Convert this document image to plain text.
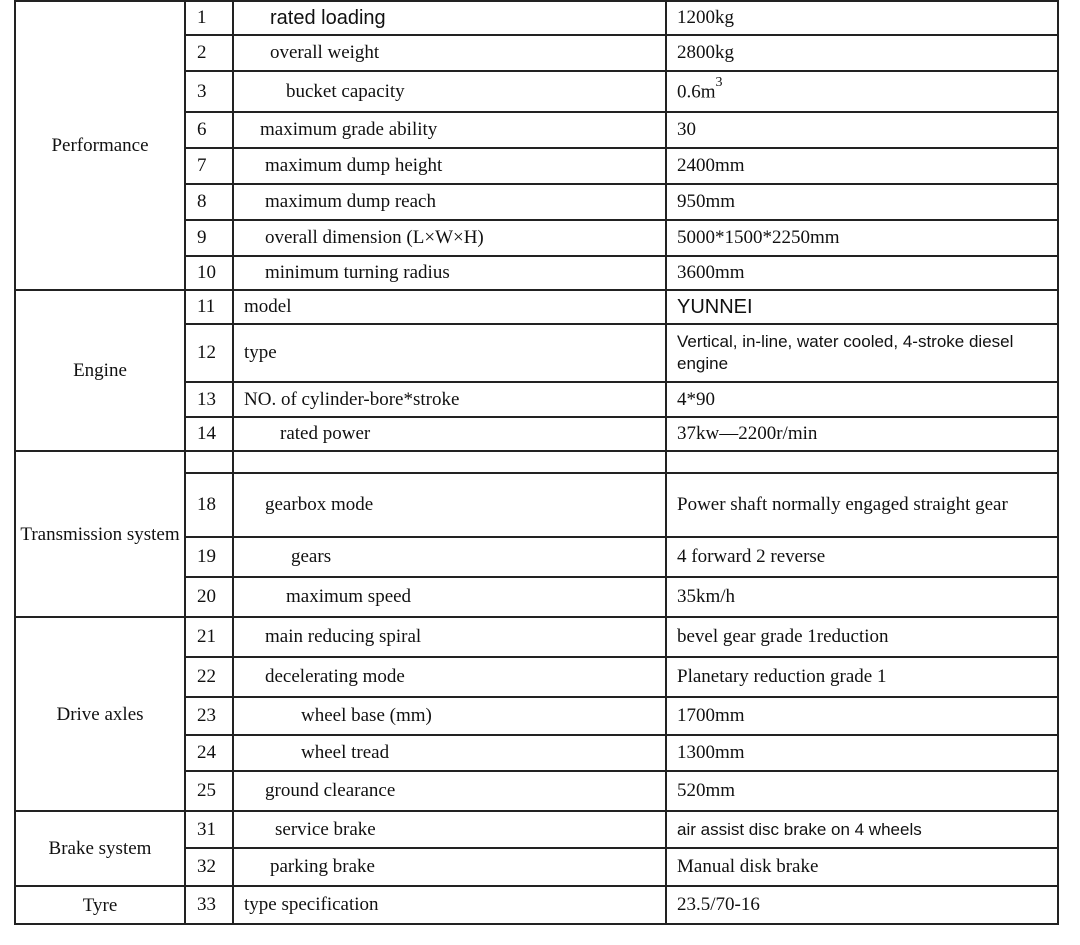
Performance	1	rated loading	1200kg
	2	overall weight	2800kg
	3	bucket capacity	$0.6m^3$
	6	maximum grade ability	30
	7	maximum dump height	2400mm
	8	maximum dump reach	950mm
	9	overall dimension (L×W×H)	5000*1500*2250mm
	10	minimum turning radius	3600mm
Engine	11	model	YUNNEI
	12	type	Vertical, in-line, water cooled, 4-stroke diesel engine
	13	NO. of cylinder-bore*stroke	4*90
	14	rated power	37kw—2200r/min
Transmission system			
	18	gearbox mode	Power shaft normally engaged straight gear
	19	gears	4 forward 2 reverse
	20	maximum speed	35km/h
Drive axles	21	main reducing spiral	bevel gear grade 1reduction
	22	decelerating mode	Planetary reduction grade 1
	23	wheel base (mm)	1700mm
	24	wheel tread	1300mm
	25	ground clearance	520mm
Brake system	31	service brake	air assist disc brake on 4 wheels
	32	parking brake	Manual disk brake
Tyre	33	type specification	23.5/70-16
